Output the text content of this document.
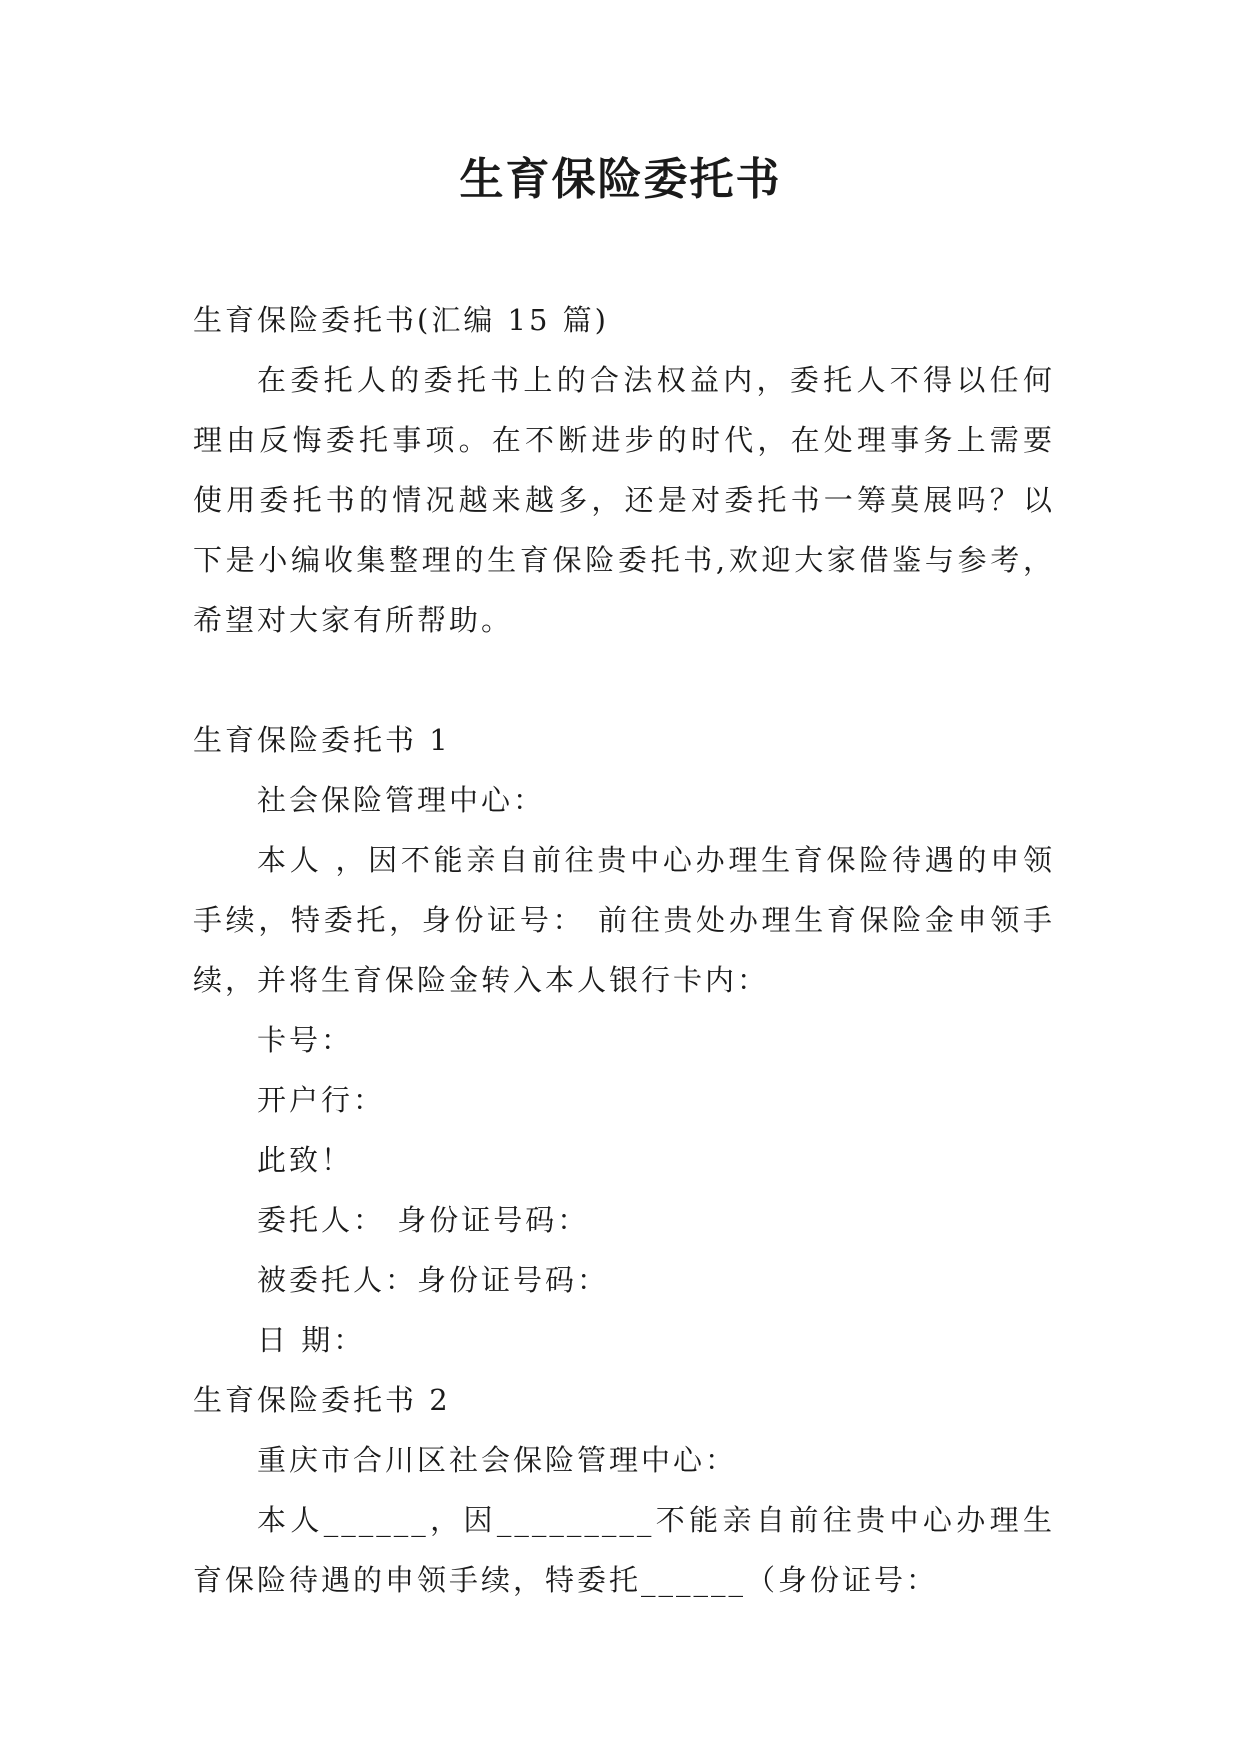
生育保险委托书

生育保险委托书(汇编 15 篇)

在委托人的委托书上的合法权益内，委托人不得以任何理由反悔委托事项。在不断进步的时代，在处理事务上需要使用委托书的情况越来越多，还是对委托书一筹莫展吗？以下是小编收集整理的生育保险委托书,欢迎大家借鉴与参考，希望对大家有所帮助。

生育保险委托书 1

社会保险管理中心：

本人 ，因不能亲自前往贵中心办理生育保险待遇的申领手续，特委托，身份证号： 前往贵处办理生育保险金申领手续，并将生育保险金转入本人银行卡内：

卡号：

开户行：

此致！

委托人： 身份证号码：

被委托人：身份证号码：

日 期：

生育保险委托书 2

重庆市合川区社会保险管理中心：

本人______，因_________不能亲自前往贵中心办理生育保险待遇的申领手续，特委托______（身份证号：
